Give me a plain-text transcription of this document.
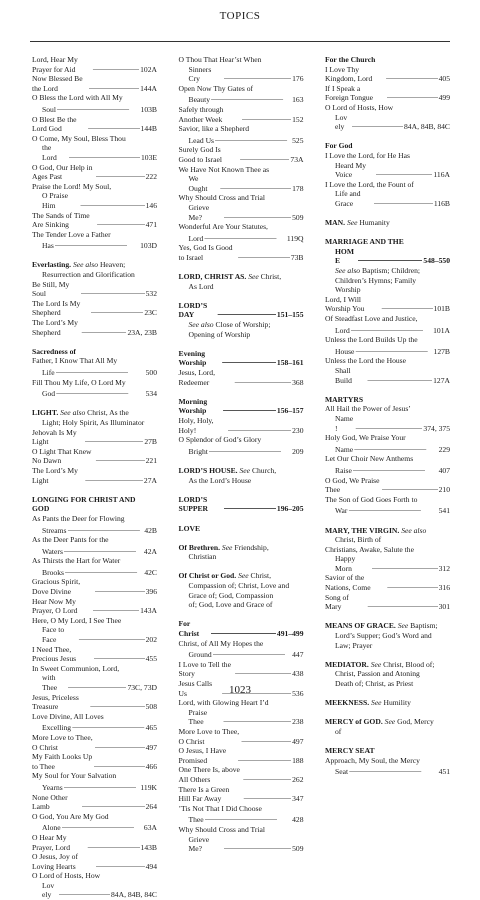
TOPICS
Lord, Hear My Prayer for Aid . . .	102A
Now Blessed Be the Lord . . .	144A
O Bless the Lord with All My
Soul . . .	103B
O Blest Be the Lord God . . .	144B
O Come, My Soul, Bless Thou
the Lord . . .	103E
O God, Our Help in Ages Past . . .	222
Praise the Lord! My Soul,
O Praise Him . . .	146
The Sands of Time Are Sinking . . .	471
The Tender Love a Father
Has . . .	103D
Everlasting. See also Heaven;
Resurrection and Glorification
Be Still, My Soul . . .	532
The Lord Is My Shepherd . . .	23C
The Lord’s My Shepherd . . .	23A, 23B
Sacredness of
Father, I Know That All My
Life . . .	500
Fill Thou My Life, O Lord My
God . . .	534
LIGHT. See also Christ, As the
Light; Holy Spirit, As Illuminator
Jehovah Is My Light . . .	27B
O Light That Knew No Dawn . . .	221
The Lord’s My Light . . .	27A
LONGING FOR CHRIST AND
GOD
As Pants the Deer for Flowing
Streams . . .	42B
As the Deer Pants for the
Waters . . .	42A
As Thirsts the Hart for Water
Brooks . . .	42C
Gracious Spirit, Dove Divine . . .	396
Hear Now My Prayer, O Lord . . .	143A
Here, O My Lord, I See Thee
Face to Face . . .	202
I Need Thee, Precious Jesus . . .	455
In Sweet Communion, Lord,
with Thee . . .	73C, 73D
Jesus, Priceless Treasure . . .	508
Love Divine, All Loves
Excelling . . .	465
More Love to Thee, O Christ . . .	497
My Faith Looks Up to Thee . . .	466
My Soul for Your Salvation
Yearns . . .	119K
None Other Lamb . . .	264
O God, You Are My God
Alone . . .	63A
O Hear My Prayer, Lord . . .	143B
O Jesus, Joy of Loving Hearts . . .	494
O Lord of Hosts, How
Lovely . . .	84A, 84B, 84C
O Thou That Hear’st When
Sinners Cry . . .	176
Open Now Thy Gates of
Beauty . . .	163
Safely through Another Week . . .	152
Savior, like a Shepherd
Lead Us . . .	525
Surely God Is Good to Israel . . .	73A
We Have Not Known Thee as
We Ought . . .	178
Why Should Cross and Trial
Grieve Me? . . .	509
Wonderful Are Your Statutes,
Lord . . .	119Q
Yes, God Is Good to Israel . . .	73B
LORD, CHRIST AS. See Christ,
As Lord
LORD’S DAY . . .	151–155
See also Close of Worship;
Opening of Worship
Evening Worship . . .	158–161
Jesus, Lord, Redeemer . . .	368
Morning Worship . . .	156–157
Holy, Holy, Holy! . . .	230
O Splendor of God’s Glory
Bright . . .	209
LORD’S HOUSE. See Church,
As the Lord’s House
LORD’S SUPPER . . .	196–205
LOVE
Of Brethren. See Friendship,
Christian
Of Christ or God. See Christ,
Compassion of; Christ, Love and
Grace of; God, Compassion
of; God, Love and Grace of
For Christ . . .	491–499
Christ, of All My Hopes the
Ground . . .	447
I Love to Tell the Story . . .	438
Jesus Calls Us . . .	536
Lord, with Glowing Heart I’d
Praise Thee . . .	238
More Love to Thee, O Christ . . .	497
O Jesus, I Have Promised . . .	188
One There Is, above All Others . . .	262
There Is a Green Hill Far Away . . .	347
’Tis Not That I Did Choose
Thee . . .	428
Why Should Cross and Trial
Grieve Me? . . .	509
For the Church
I Love Thy Kingdom, Lord . . .	405
If I Speak a Foreign Tongue . . .	499
O Lord of Hosts, How
Lovely . . .	84A, 84B, 84C
For God
I Love the Lord, for He Has
Heard My Voice . . .	116A
I Love the Lord, the Fount of
Life and Grace . . .	116B
MAN. See Humanity
MARRIAGE AND THE
HOME . . .	548–550
See also Baptism; Children;
Children’s Hymns; Family
Worship
Lord, I Will Worship You . . .	101B
Of Steadfast Love and Justice,
Lord . . .	101A
Unless the Lord Builds Up the
House . . .	127B
Unless the Lord the House
Shall Build . . .	127A
MARTYRS
All Hail the Power of Jesus’
Name! . . .	374, 375
Holy God, We Praise Your
Name . . .	229
Let Our Choir New Anthems
Raise . . .	407
O God, We Praise Thee . . .	210
The Son of God Goes Forth to
War . . .	541
MARY, THE VIRGIN. See also
Christ, Birth of
Christians, Awake, Salute the
Happy Morn . . .	312
Savior of the Nations, Come . . .	316
Song of Mary . . .	301
MEANS OF GRACE. See Baptism;
Lord’s Supper; God’s Word and
Law; Prayer
MEDIATOR. See Christ, Blood of;
Christ, Passion and Atoning
Death of; Christ, as Priest
MEEKNESS. See Humility
MERCY of GOD. See God, Mercy
of
MERCY SEAT
Approach, My Soul, the Mercy
Seat . . .	451
1023
